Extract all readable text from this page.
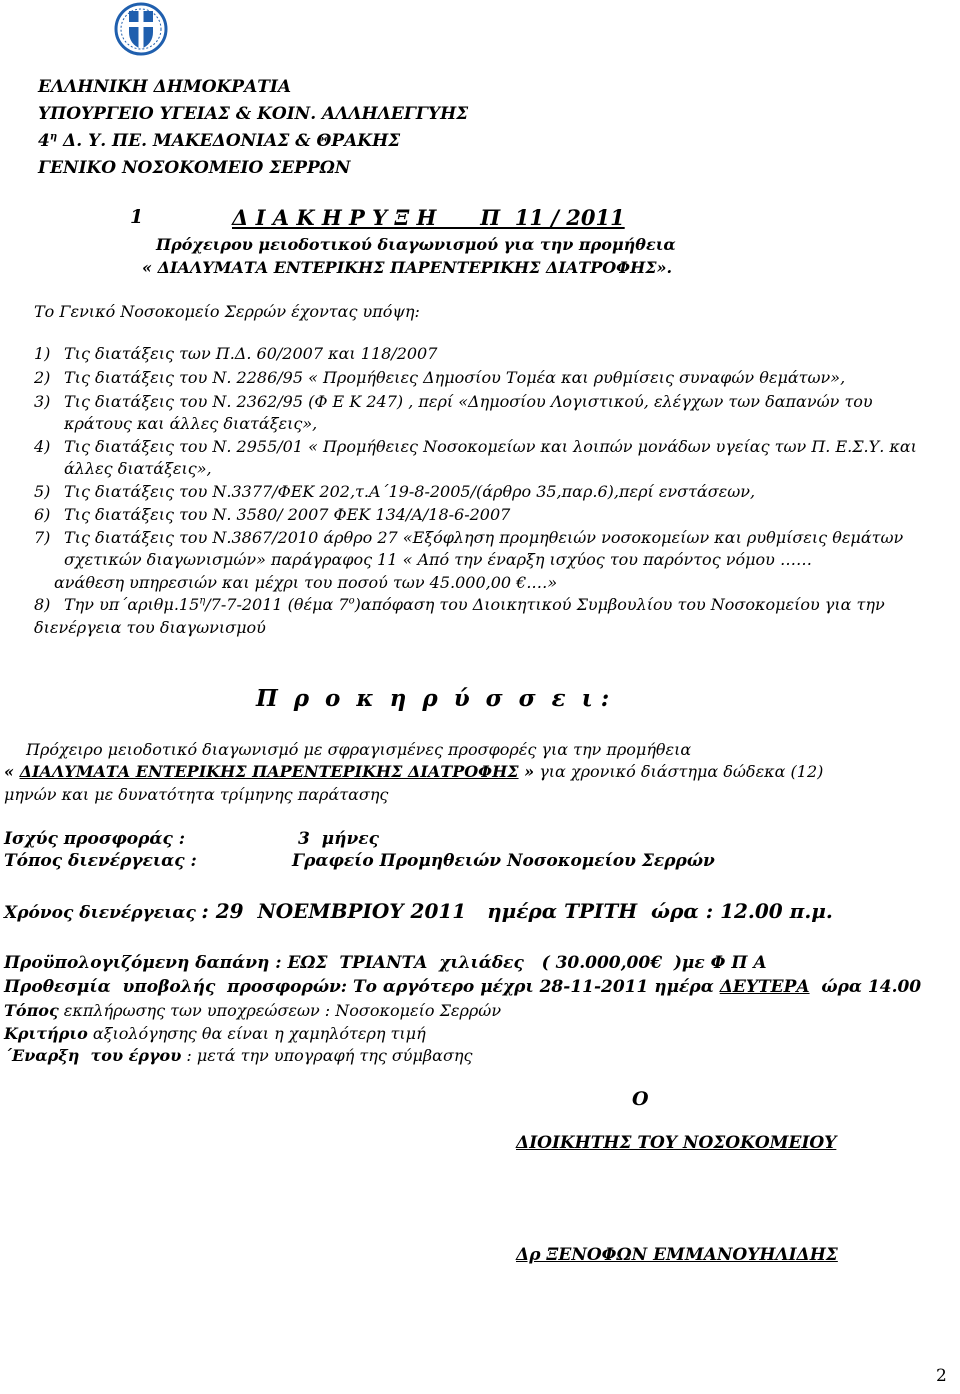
ΕΛΛΗΝΙΚΗ ΔΗΜΟΚΡΑΤΙΑ
ΥΠΟΥΡΓΕΙΟ ΥΓΕΙΑΣ & ΚΟΙΝ. ΑΛΛΗΛΕΓΓΥΗΣ
$4^\eta$ Δ. Υ. ΠΕ. ΜΑΚΕΔΟΝΙΑΣ & ΘΡΑΚΗΣ
ΓΕΝΙΚΟ ΝΟΣΟΚΟΜΕΙΟ ΣΕΡΡΩΝ
1	Δ Ι Α Κ Η Ρ Υ Ξ Η      Π  11 / 2011
Πρόχειρου μειοδοτικού διαγωνισμού για την προμήθεια
« ΔΙΑΛΥΜΑΤΑ ΕΝΤΕΡΙΚΗΣ ΠΑΡΕΝΤΕΡΙΚΗΣ ΔΙΑΤΡΟΦΗΣ».
Το Γενικό Νοσοκομείο Σερρών έχοντας υπόψη:
1) Τις διατάξεις των Π.Δ. 60/2007 και 118/2007
2) Τις διατάξεις του Ν. 2286/95 « Προμήθειες Δημοσίου Τομέα και ρυθμίσεις συναφών θεμάτων»,
3) Τις διατάξεις του Ν. 2362/95 (Φ Ε Κ 247) , περί «Δημοσίου Λογιστικού, ελέγχων των δαπανών του
κράτους και άλλες διατάξεις»,
4) Τις διατάξεις του Ν. 2955/01 « Προμήθειες Νοσοκομείων και λοιπών μονάδων υγείας των Π. Ε.Σ.Υ. και
άλλες διατάξεις»,
5) Τις διατάξεις του Ν.3377/ΦΕΚ 202,τ.Α΄19-8-2005/(άρθρο 35,παρ.6),περί ενστάσεων,
6) Τις διατάξεις του Ν. 3580/ 2007 ΦΕΚ 134/Α/18-6-2007
7) Τις διατάξεις του Ν.3867/2010 άρθρο 27 «Εξόφληση προμηθειών νοσοκομείων και ρυθμίσεις θεμάτων
σχετικών διαγωνισμών» παράγραφος 11 « Από την έναρξη ισχύος του παρόντος νόμου ……
ανάθεση υπηρεσιών και μέχρι του ποσού των 45.000,00 €.…»
8) Την $\upsilon\pi΄\alpha\rho\iota\theta\mu.15^\eta/7-7-2011$ (θέμα $7^o)\alpha\pi ό\varphi\alpha\sigma\eta$ του Διοικητικού Συμβουλίου του Νοσοκομείου για την
διενέργεια του διαγωνισμού
Π  ρ  ο  κ  η  ρ  ύ  σ  σ  ε  ι :
Πρόχειρο μειοδοτικό διαγωνισμό με σφραγισμένες προσφορές για την προμήθεια
« ΔΙΑΛΥΜΑΤΑ ΕΝΤΕΡΙΚΗΣ ΠΑΡΕΝΤΕΡΙΚΗΣ ΔΙΑΤΡΟΦΗΣ » για χρονικό διάστημα δώδεκα (12)
μηνών και με δυνατότητα τρίμηνης παράτασης
Ισχύς προσφοράς :	3  μήνες
Τόπος διενέργειας :	Γραφείο Προμηθειών Νοσοκομείου Σερρών
Χρόνος διενέργειας : 29  ΝΟΕΜΒΡΙΟΥ 2011   ημέρα ΤΡΙΤΗ  ώρα : 12.00 π.μ.
Προϋπολογιζόμενη δαπάνη : ΕΩΣ  ΤΡΙΑΝΤΑ  χιλιάδες   ( 30.000,00€  )με Φ Π Α
Προθεσμία  υποβολής  προσφορών: Το αργότερο μέχρι 28-11-2011 ημέρα ΔΕΥΤΕΡΑ  ώρα 14.00
Τόπος εκπλήρωσης των υποχρεώσεων : Νοσοκομείο Σερρών
Κριτήριο αξιολόγησης θα είναι η χαμηλότερη τιμή
΄Εναρξη  του έργου : μετά την υπογραφή της σύμβασης
Ο
ΔΙΟΙΚΗΤΗΣ ΤΟΥ ΝΟΣΟΚΟΜΕΙΟΥ
Δρ ΞΕΝΟΦΩΝ ΕΜΜΑΝΟΥΗΛΙΔΗΣ
2
